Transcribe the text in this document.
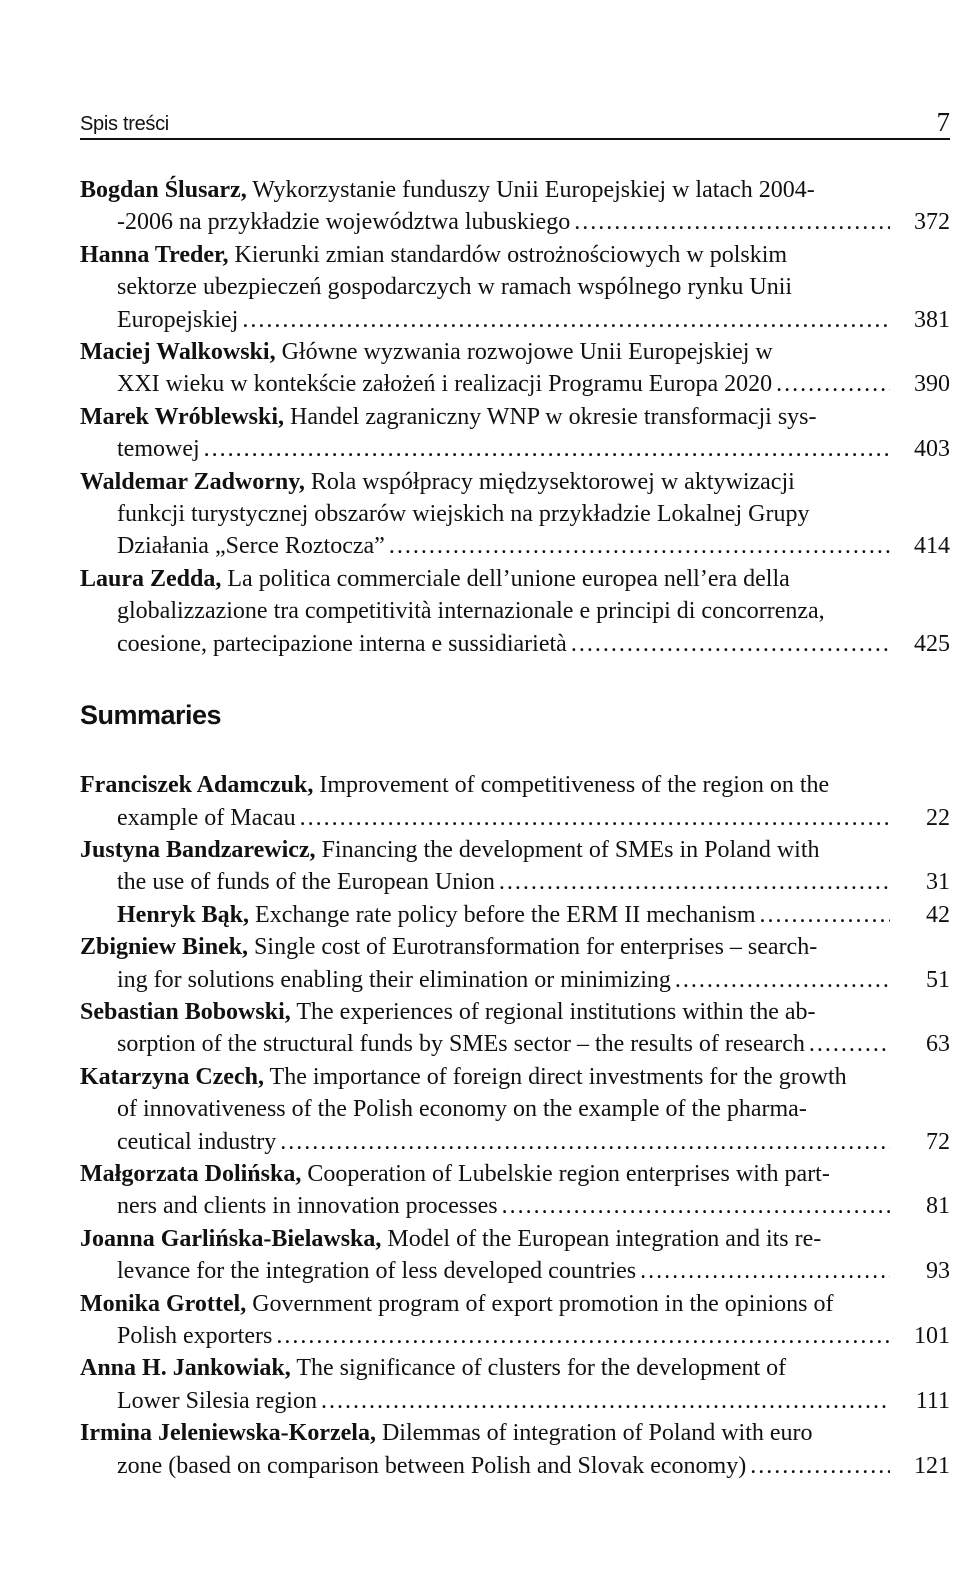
Spis treści	7
Bogdan Ślusarz, Wykorzystanie funduszy Unii Europejskiej w latach 2004-

-2006 na przykładzie województwa lubuskiego . . .	372
Hanna Treder, Kierunki zmian standardów ostrożnościowych w polskim
sektorze ubezpieczeń gospodarczych w ramach wspólnego rynku Unii

Europejskiej . . .	381
Maciej Walkowski, Główne wyzwania rozwojowe Unii Europejskiej w

XXI wieku w kontekście założeń i realizacji Programu Europa 2020 . . .	390
Marek Wróblewski, Handel zagraniczny WNP w okresie transformacji sys-

temowej . . .	403
Waldemar Zadworny, Rola współpracy międzysektorowej w aktywizacji
funkcji turystycznej obszarów wiejskich na przykładzie Lokalnej Grupy

Działania „Serce Roztocza” . . .	414
Laura Zedda, La politica commerciale dell’unione europea nell’era della
globalizzazione tra competitività internazionale e principi di concorrenza,

coesione, partecipazione interna e sussidiarietà . . .	425
Summaries
Franciszek Adamczuk, Improvement of competitiveness of the region on the

example of Macau . . .	22
Justyna Bandzarewicz, Financing the development of SMEs in Poland with

the use of funds of the European Union . . .	31
Henryk Bąk,
Exchange rate policy before the ERM II mechanism . . .	42
Zbigniew Binek, Single cost of Eurotransformation for enterprises – search-

ing for solutions enabling their elimination or minimizing . . .	51
Sebastian Bobowski, The experiences of regional institutions within the ab-

sorption of the structural funds by SMEs sector – the results of research . . .	63
Katarzyna Czech, The importance of foreign direct investments for the growth
of innovativeness of the Polish economy on the example of the pharma-

ceutical industry . . .	72
Małgorzata Dolińska, Cooperation of Lubelskie region enterprises with part-

ners and clients in innovation processes . . .	81
Joanna Garlińska-Bielawska, Model of the European integration and its re-

levance for the integration of less developed countries . . .	93
Monika Grottel, Government program of export promotion in the opinions of

Polish exporters . . .	101
Anna H. Jankowiak, The significance of clusters for the development of

Lower Silesia region . . .	111
Irmina Jeleniewska-Korzela, Dilemmas of integration of Poland with euro

zone (based on comparison between Polish and Slovak economy) . . .	121
